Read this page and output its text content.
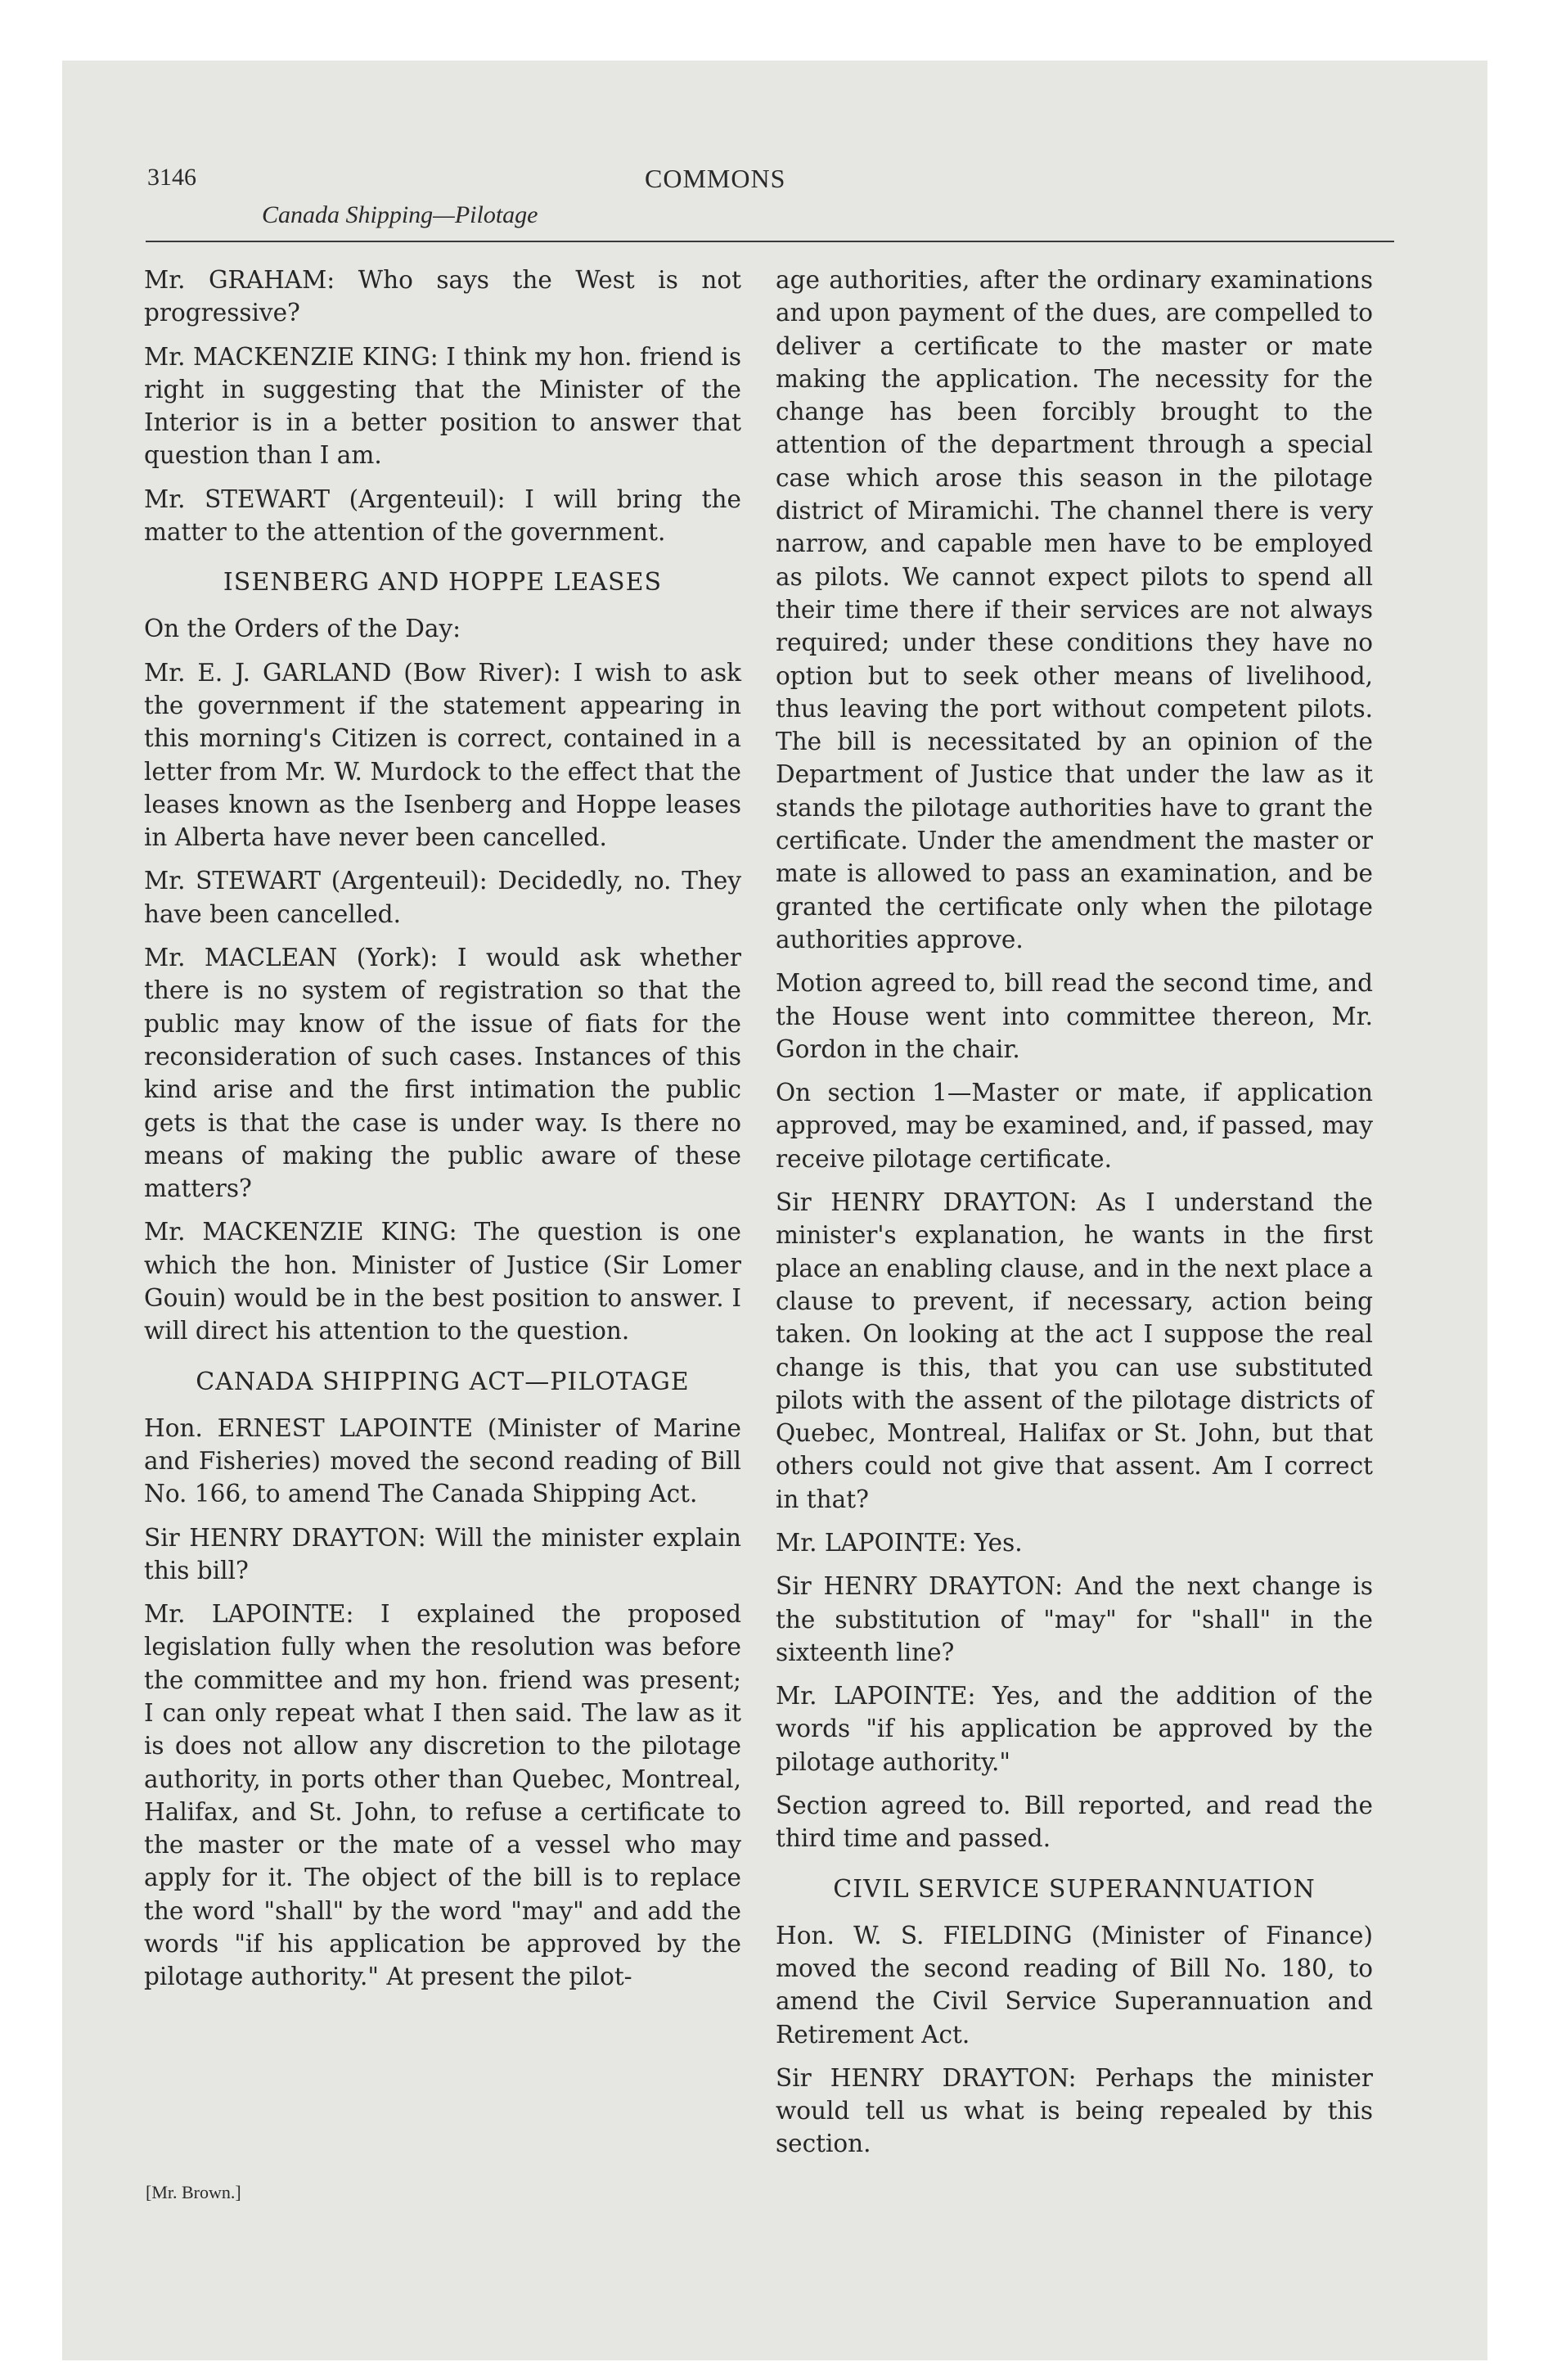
3146
Canada Shipping—Pilotage
COMMONS

Mr. GRAHAM: Who says the West is not progressive?

Mr. MACKENZIE KING: I think my hon. friend is right in suggesting that the Minister of the Interior is in a better position to answer that question than I am.

Mr. STEWART (Argenteuil): I will bring the matter to the attention of the government.

ISENBERG AND HOPPE LEASES

On the Orders of the Day:

Mr. E. J. GARLAND (Bow River): I wish to ask the government if the statement appearing in this morning's Citizen is correct, contained in a letter from Mr. W. Murdock to the effect that the leases known as the Isenberg and Hoppe leases in Alberta have never been cancelled.

Mr. STEWART (Argenteuil): Decidedly, no. They have been cancelled.

Mr. MACLEAN (York): I would ask whether there is no system of registration so that the public may know of the issue of fiats for the reconsideration of such cases. Instances of this kind arise and the first intimation the public gets is that the case is under way. Is there no means of making the public aware of these matters?

Mr. MACKENZIE KING: The question is one which the hon. Minister of Justice (Sir Lomer Gouin) would be in the best position to answer. I will direct his attention to the question.

CANADA SHIPPING ACT—PILOTAGE

Hon. ERNEST LAPOINTE (Minister of Marine and Fisheries) moved the second reading of Bill No. 166, to amend The Canada Shipping Act.

Sir HENRY DRAYTON: Will the minister explain this bill?

Mr. LAPOINTE: I explained the proposed legislation fully when the resolution was before the committee and my hon. friend was present; I can only repeat what I then said. The law as it is does not allow any discretion to the pilotage authority, in ports other than Quebec, Montreal, Halifax, and St. John, to refuse a certificate to the master or the mate of a vessel who may apply for it. The object of the bill is to replace the word "shall" by the word "may" and add the words "if his application be approved by the pilotage authority." At present the pilot-

age authorities, after the ordinary examinations and upon payment of the dues, are compelled to deliver a certificate to the master or mate making the application. The necessity for the change has been forcibly brought to the attention of the department through a special case which arose this season in the pilotage district of Miramichi. The channel there is very narrow, and capable men have to be employed as pilots. We cannot expect pilots to spend all their time there if their services are not always required; under these conditions they have no option but to seek other means of livelihood, thus leaving the port without competent pilots. The bill is necessitated by an opinion of the Department of Justice that under the law as it stands the pilotage authorities have to grant the certificate. Under the amendment the master or mate is allowed to pass an examination, and be granted the certificate only when the pilotage authorities approve.

Motion agreed to, bill read the second time, and the House went into committee thereon, Mr. Gordon in the chair.

On section 1—Master or mate, if application approved, may be examined, and, if passed, may receive pilotage certificate.

Sir HENRY DRAYTON: As I understand the minister's explanation, he wants in the first place an enabling clause, and in the next place a clause to prevent, if necessary, action being taken. On looking at the act I suppose the real change is this, that you can use substituted pilots with the assent of the pilotage districts of Quebec, Montreal, Halifax or St. John, but that others could not give that assent. Am I correct in that?

Mr. LAPOINTE: Yes.

Sir HENRY DRAYTON: And the next change is the substitution of "may" for "shall" in the sixteenth line?

Mr. LAPOINTE: Yes, and the addition of the words "if his application be approved by the pilotage authority."

Section agreed to. Bill reported, and read the third time and passed.

CIVIL SERVICE SUPERANNUATION

Hon. W. S. FIELDING (Minister of Finance) moved the second reading of Bill No. 180, to amend the Civil Service Superannuation and Retirement Act.

Sir HENRY DRAYTON: Perhaps the minister would tell us what is being repealed by this section.

[Mr. Brown.]
